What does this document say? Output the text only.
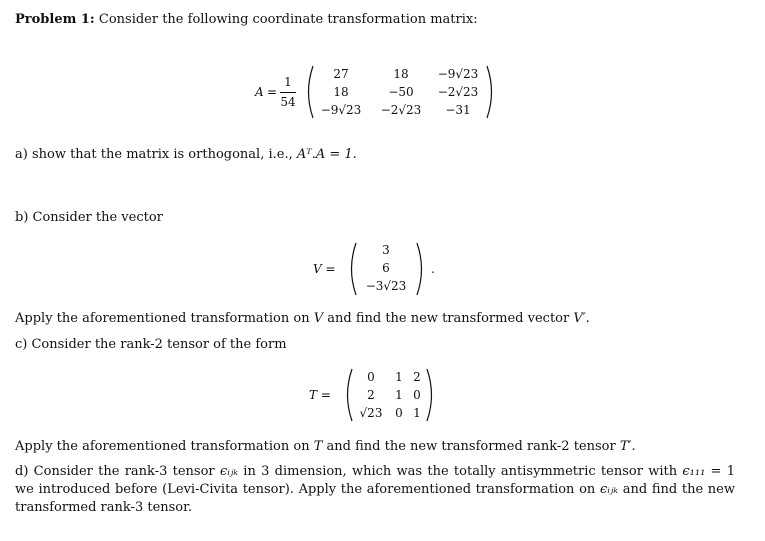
Problem 1: Consider the following coordinate transformation matrix:
A =
1
54
27	18	−9√23
18	−50	−2√23
−9√23	−2√23	−31
a) show that the matrix is orthogonal, i.e., Aᵀ.A = 1.
b) Consider the vector
V =
3
6
−3√23
.
Apply the aforementioned transformation on V and find the new transformed vector V′.
c) Consider the rank-2 tensor of the form
T =
0	1 2
2	1 0
√23	0 1
Apply the aforementioned transformation on T and find the new transformed rank-2 tensor T′.
d) Consider the rank-3 tensor ϵᵢⱼₖ in 3 dimension, which was the totally antisymmetric tensor with ϵ₁₁₁ = 1 we introduced before (Levi-Civita tensor). Apply the aforementioned transformation on ϵᵢⱼₖ and find the new transformed rank-3 tensor.
